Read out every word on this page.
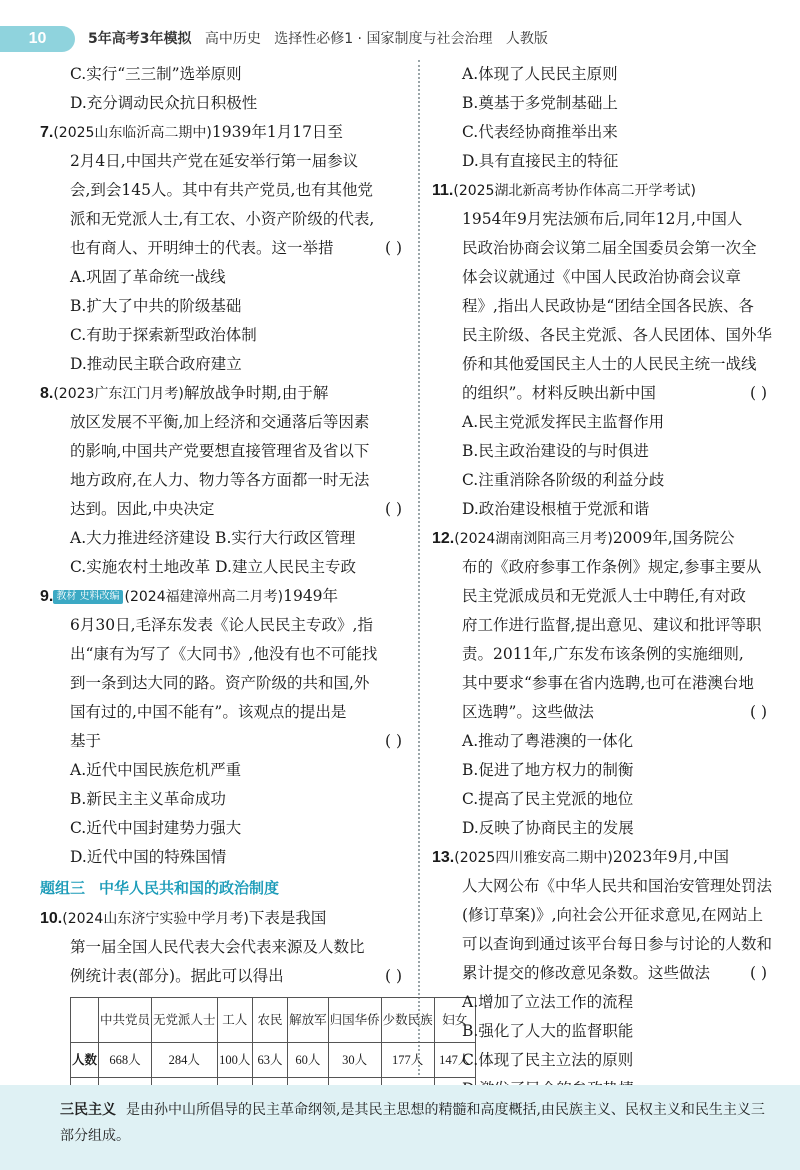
10	5年高考3年模拟 高中历史 选择性必修1 · 国家制度与社会治理 人教版
C.实行“三三制”选举原则
D.充分调动民众抗日积极性
7.(2025山东临沂高二期中)1939年1月17日至
2月4日,中国共产党在延安举行第一届参议
会,到会145人。其中有共产党员,也有其他党
派和无党派人士,有工农、小资产阶级的代表,
也有商人、开明绅士的代表。这一举措	( )
A.巩固了革命统一战线
B.扩大了中共的阶级基础
C.有助于探索新型政治体制
D.推动民主联合政府建立
8.(2023广东江门月考)解放战争时期,由于解
放区发展不平衡,加上经济和交通落后等因素
的影响,中国共产党要想直接管理省及省以下
地方政府,在人力、物力等各方面都一时无法
达到。因此,中央决定	( )
A.大力推进经济建设 B.实行大行政区管理
C.实施农村土地改革 D.建立人民民主专政
9. 教材 史料改编 (2024福建漳州高二月考)1949年
6月30日,毛泽东发表《论人民民主专政》,指
出“康有为写了《大同书》,他没有也不可能找
到一条到达大同的路。资产阶级的共和国,外
国有过的,中国不能有”。该观点的提出是
基于	( )
A.近代中国民族危机严重
B.新民主主义革命成功
C.近代中国封建势力强大
D.近代中国的特殊国情
题组三 中华人民共和国的政治制度
10.(2024山东济宁实验中学月考)下表是我国
第一届全国人民代表大会代表来源及人数比
例统计表(部分)。据此可以得出	( )
	中共党员	无党派人士	工人	农民	解放军	归国华侨	少数民族	妇女
人数	668人	284人	100人	63人	60人	30人	177人	147人

A.体现了人民民主原则
B.奠基于多党制基础上
C.代表经协商推举出来
D.具有直接民主的特征
11.(2025湖北新高考协作体高二开学考试)
1954年9月宪法颁布后,同年12月,中国人
民政治协商会议第二届全国委员会第一次全
体会议就通过《中国人民政治协商会议章
程》,指出人民政协是“团结全国各民族、各
民主阶级、各民主党派、各人民团体、国外华
侨和其他爱国民主人士的人民民主统一战线
的组织”。材料反映出新中国	( )
A.民主党派发挥民主监督作用
B.民主政治建设的与时俱进
C.注重消除各阶级的利益分歧
D.政治建设根植于党派和谐
12.(2024湖南浏阳高三月考)2009年,国务院公
布的《政府参事工作条例》规定,参事主要从
民主党派成员和无党派人士中聘任,有对政
府工作进行监督,提出意见、建议和批评等职
责。2011年,广东发布该条例的实施细则,
其中要求“参事在省内选聘,也可在港澳台地
区选聘”。这些做法	( )
A.推动了粤港澳的一体化
B.促进了地方权力的制衡
C.提高了民主党派的地位
D.反映了协商民主的发展
13.(2025四川雅安高二期中)2023年9月,中国
人大网公布《中华人民共和国治安管理处罚法
(修订草案)》,向社会公开征求意见,在网站上
可以查询到通过该平台每日参与讨论的人数和
累计提交的修改意见条数。这些做法	( )
A.增加了立法工作的流程
B.强化了人大的监督职能
C.体现了民主立法的原则
三民主义 是由孙中山所倡导的民主革命纲领,是其民主思想的精髓和高度概括,由民族主义、民权主义和民生主义三部分组成。
